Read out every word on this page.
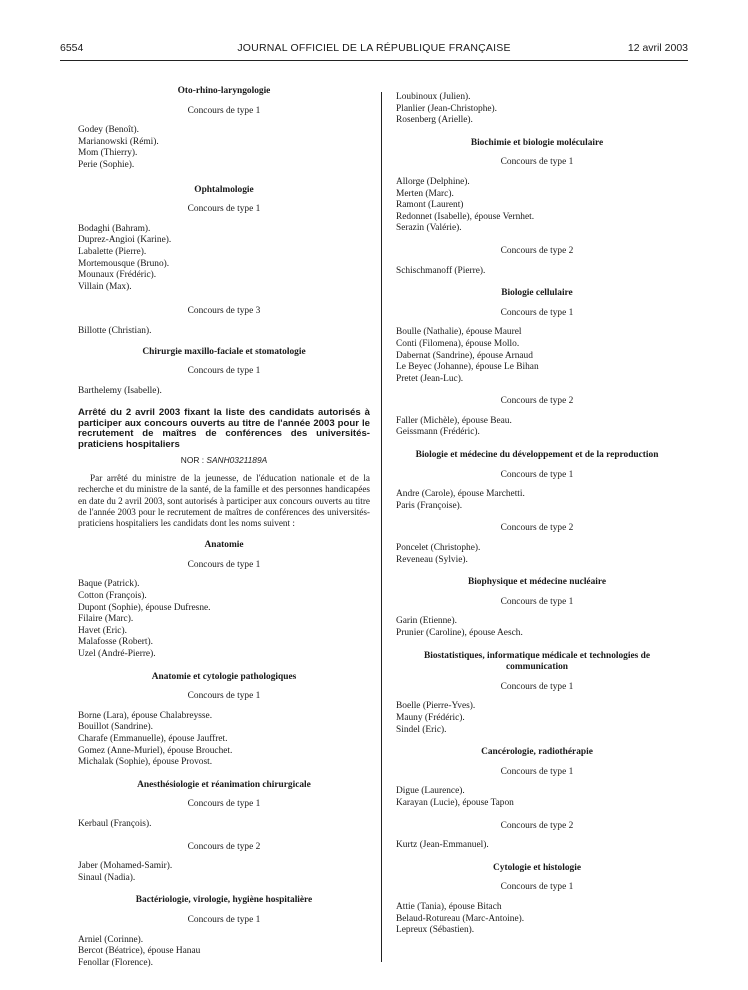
6554	JOURNAL OFFICIEL DE LA RÉPUBLIQUE FRANÇAISE	12 avril 2003

Oto-rhino-laryngologie

Concours de type 1

Godey (Benoît).

Marianowski (Rémi).

Mom (Thierry).

Perie (Sophie).

Ophtalmologie

Concours de type 1

Bodaghi (Bahram).

Duprez-Angioi (Karine).

Labalette (Pierre).

Mortemousque (Bruno).

Mounaux (Frédéric).

Villain (Max).

Concours de type 3

Billotte (Christian).

Chirurgie maxillo-faciale et stomatologie

Concours de type 1

Barthelemy (Isabelle).

Arrêté du 2 avril 2003 fixant la liste des candidats autorisés à participer aux concours ouverts au titre de l'année 2003 pour le recrutement de maîtres de conférences des universités-praticiens hospitaliers

NOR : SANH0321189A

Par arrêté du ministre de la jeunesse, de l'éducation nationale et de la recherche et du ministre de la santé, de la famille et des personnes handicapées en date du 2 avril 2003, sont autorisés à participer aux concours ouverts au titre de l'année 2003 pour le recrutement de maîtres de conférences des universités-praticiens hospitaliers les candidats dont les noms suivent :

Anatomie

Concours de type 1

Baque (Patrick).

Cotton (François).

Dupont (Sophie), épouse Dufresne.

Filaire (Marc).

Havet (Eric).

Malafosse (Robert).

Uzel (André-Pierre).

Anatomie et cytologie pathologiques

Concours de type 1

Borne (Lara), épouse Chalabreysse.

Bouillot (Sandrine).

Charafe (Emmanuelle), épouse Jauffret.

Gomez (Anne-Muriel), épouse Brouchet.

Michalak (Sophie), épouse Provost.

Anesthésiologie et réanimation chirurgicale

Concours de type 1

Kerbaul (François).

Concours de type 2

Jaber (Mohamed-Samir).

Sinaul (Nadia).

Bactériologie, virologie, hygiène hospitalière

Concours de type 1

Arniel (Corinne).

Bercot (Béatrice), épouse Hanau

Fenollar (Florence).

Loubinoux (Julien).

Planlier (Jean-Christophe).

Rosenberg (Arielle).

Biochimie et biologie moléculaire

Concours de type 1

Allorge (Delphine).

Merten (Marc).

Ramont (Laurent)

Redonnet (Isabelle), épouse Vernhet.

Serazin (Valérie).

Concours de type 2

Schischmanoff (Pierre).

Biologie cellulaire

Concours de type 1

Boulle (Nathalie), épouse Maurel

Conti (Filomena), épouse Mollo.

Dabernat (Sandrine), épouse Arnaud

Le Beyec (Johanne), épouse Le Bihan

Pretet (Jean-Luc).

Concours de type 2

Faller (Michèle), épouse Beau.

Geissmann (Frédéric).

Biologie et médecine du développement et de la reproduction

Concours de type 1

Andre (Carole), épouse Marchetti.

Paris (Françoise).

Concours de type 2

Poncelet (Christophe).

Reveneau (Sylvie).

Biophysique et médecine nucléaire

Concours de type 1

Garin (Etienne).

Prunier (Caroline), épouse Aesch.

Biostatistiques, informatique médicale et technologies de communication

Concours de type 1

Boelle (Pierre-Yves).

Mauny (Frédéric).

Sindel (Eric).

Cancérologie, radiothérapie

Concours de type 1

Digue (Laurence).

Karayan (Lucie), épouse Tapon

Concours de type 2

Kurtz (Jean-Emmanuel).

Cytologie et histologie

Concours de type 1

Attie (Tania), épouse Bitach

Belaud-Rotureau (Marc-Antoine).

Lepreux (Sébastien).
